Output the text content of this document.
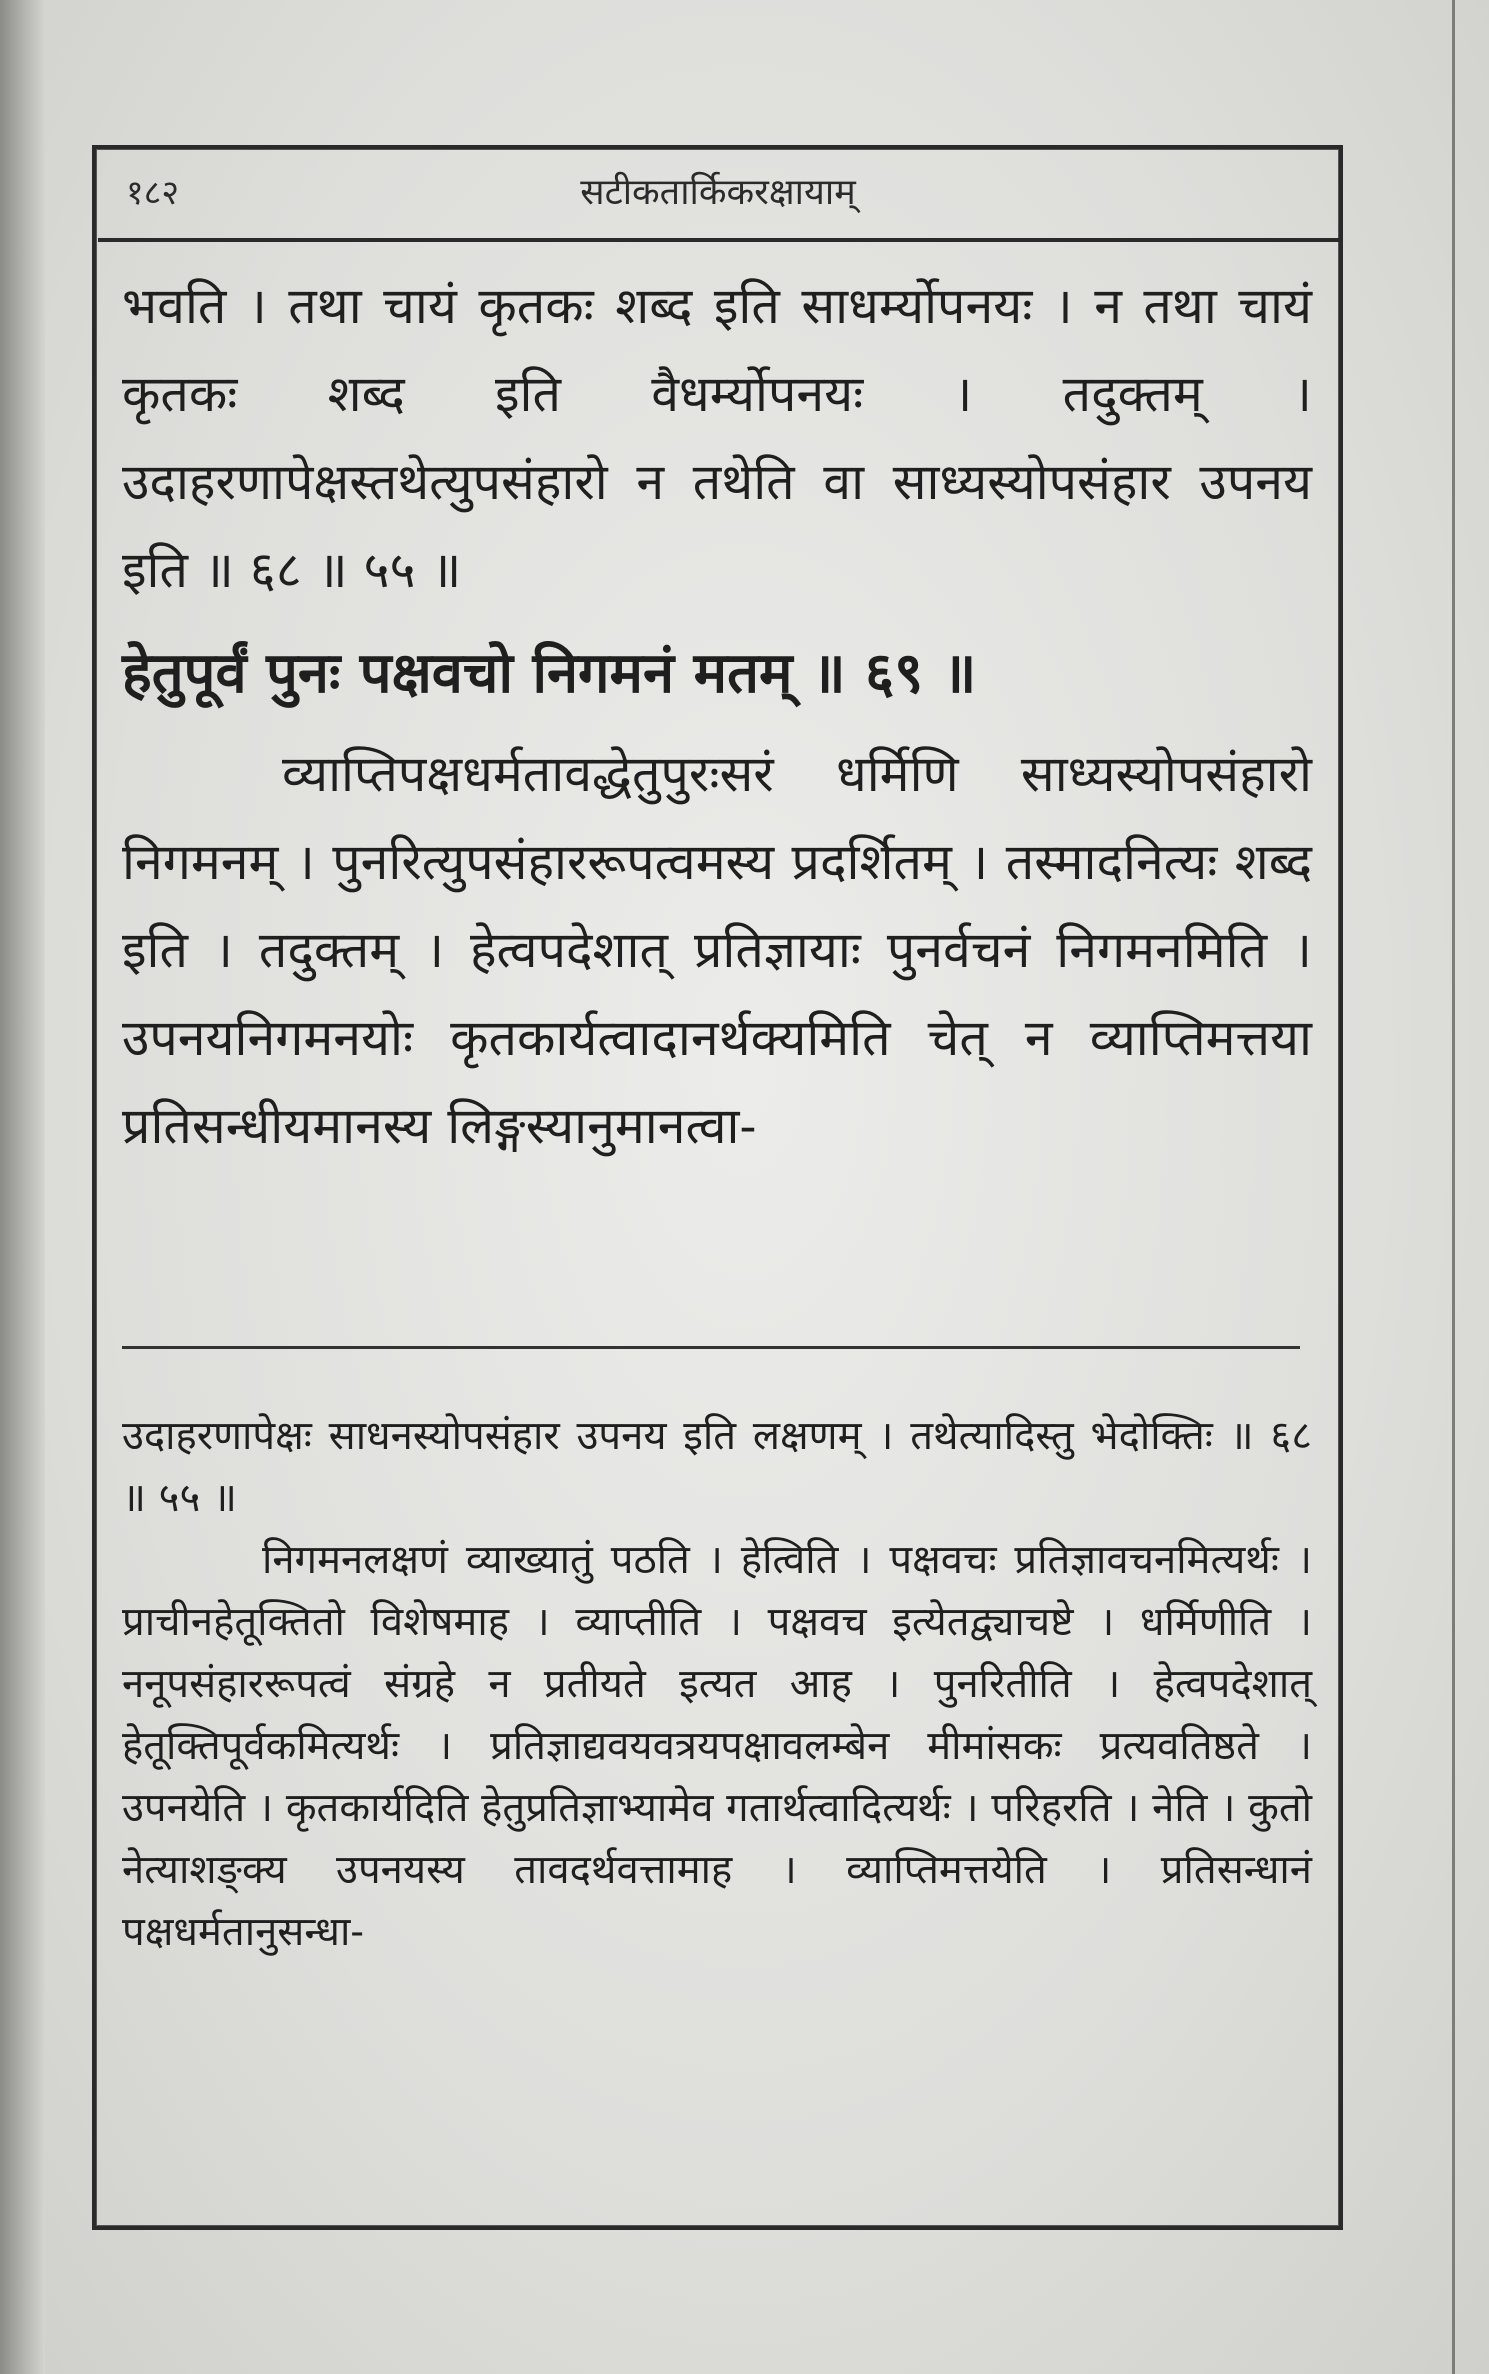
१८२	सटीकतार्किकरक्षायाम्

भवति । तथा चायं कृतकः शब्द इति साधर्म्योपनयः । न तथा चायं कृतकः शब्द इति वैधर्म्योपनयः । तदुक्तम् । उदाहरणापेक्षस्तथेत्युपसंहारो न तथेति वा साध्यस्योपसंहार उपनय इति ॥ ६८ ॥ ५५ ॥

हेतुपूर्वं पुनः पक्षवचो निगमनं मतम् ॥ ६९ ॥

व्याप्तिपक्षधर्मतावद्धेतुपुरःसरं धर्मिणि साध्यस्योपसंहारो निगमनम् । पुनरित्युपसंहाररूपत्वमस्य प्रदर्शितम् । तस्मादनित्यः शब्द इति । तदुक्तम् । हेत्वपदेशात् प्रतिज्ञायाः पुनर्वचनं निगमनमिति । उपनयनिगमनयोः कृतकार्यत्वादानर्थक्यमिति चेत् न व्याप्तिमत्तया प्रतिसन्धीयमानस्य लिङ्गस्यानुमानत्वा-

उदाहरणापेक्षः साधनस्योपसंहार उपनय इति लक्षणम् । तथेत्यादिस्तु भेदोक्तिः ॥ ६८ ॥ ५५ ॥

निगमनलक्षणं व्याख्यातुं पठति । हेत्विति । पक्षवचः प्रतिज्ञावचनमित्यर्थः । प्राचीनहेतूक्तितो विशेषमाह । व्याप्तीति । पक्षवच इत्येतद्व्याचष्टे । धर्मिणीति । ननूपसंहाररूपत्वं संग्रहे न प्रतीयते इत्यत आह । पुनरितीति । हेत्वपदेशात् हेतूक्तिपूर्वकमित्यर्थः । प्रतिज्ञाद्यवयवत्रयपक्षावलम्बेन मीमांसकः प्रत्यवतिष्ठते । उपनयेति । कृतकार्यदिति हेतुप्रतिज्ञाभ्यामेव गतार्थत्वादित्यर्थः । परिहरति । नेति । कुतो नेत्याशङ्क्य उपनयस्य तावदर्थवत्तामाह । व्याप्तिमत्तयेति । प्रतिसन्धानं पक्षधर्मतानुसन्धा-
